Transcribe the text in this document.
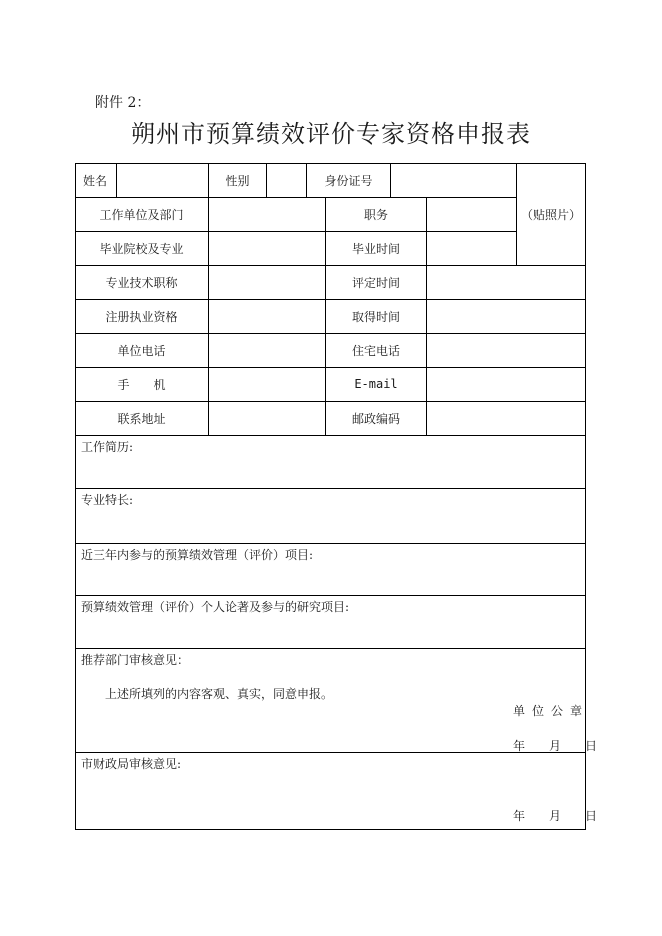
附件 2：
朔州市预算绩效评价专家资格申报表
姓名	性别	身份证号
（贴照片）
工作单位及部门
毕业院校及专业
专业技术职称
注册执业资格
单位电话
手　　机
联系地址
职务
毕业时间
评定时间
取得时间
住宅电话
E-mail
邮政编码
工作简历:
专业特长:
近三年内参与的预算绩效管理（评价）项目:
预算绩效管理（评价）个人论著及参与的研究项目:
推荐部门审核意见：
上述所填列的内容客观、真实，同意申报。
单位公章
年　　月　　日
市财政局审核意见:
年　　月　　日
